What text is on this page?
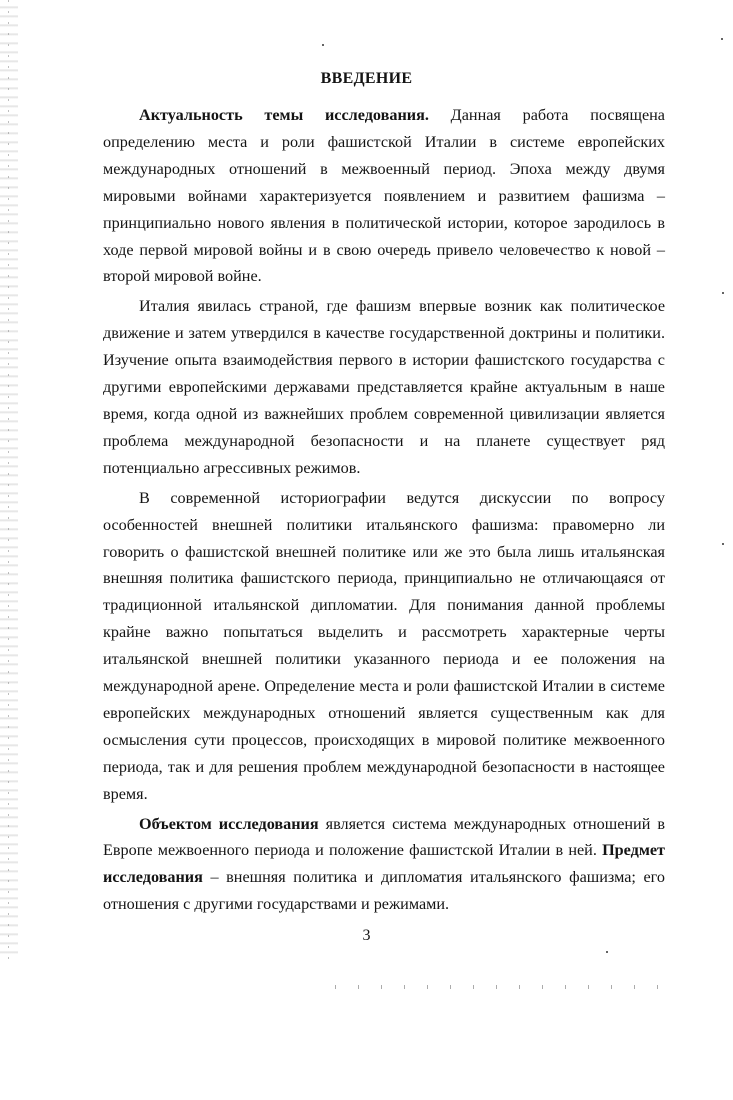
ВВЕДЕНИЕ

Актуальность темы исследования. Данная работа посвящена определению места и роли фашистской Италии в системе европейских международных отношений в межвоенный период. Эпоха между двумя мировыми войнами характеризуется появлением и развитием фашизма – принципиально нового явления в политической истории, которое зародилось в ходе первой мировой войны и в свою очередь привело человечество к новой – второй мировой войне.

Италия явилась страной, где фашизм впервые возник как политическое движение и затем утвердился в качестве государственной доктрины и политики. Изучение опыта взаимодействия первого в истории фашистского государства с другими европейскими державами представляется крайне актуальным в наше время, когда одной из важнейших проблем современной цивилизации является проблема международной безопасности и на планете существует ряд потенциально агрессивных режимов.

В современной историографии ведутся дискуссии по вопросу особенностей внешней политики итальянского фашизма: правомерно ли говорить о фашистской внешней политике или же это была лишь итальянская внешняя политика фашистского периода, принципиально не отличающаяся от традиционной итальянской дипломатии. Для понимания данной проблемы крайне важно попытаться выделить и рассмотреть характерные черты итальянской внешней политики указанного периода и ее положения на международной арене. Определение места и роли фашистской Италии в системе европейских международных отношений является существенным как для осмысления сути процессов, происходящих в мировой политике межвоенного периода, так и для решения проблем международной безопасности в настоящее время.

Объектом исследования является система международных отношений в Европе межвоенного периода и положение фашистской Италии в ней. Предмет исследования – внешняя политика и дипломатия итальянского фашизма; его отношения с другими государствами и режимами.

3
